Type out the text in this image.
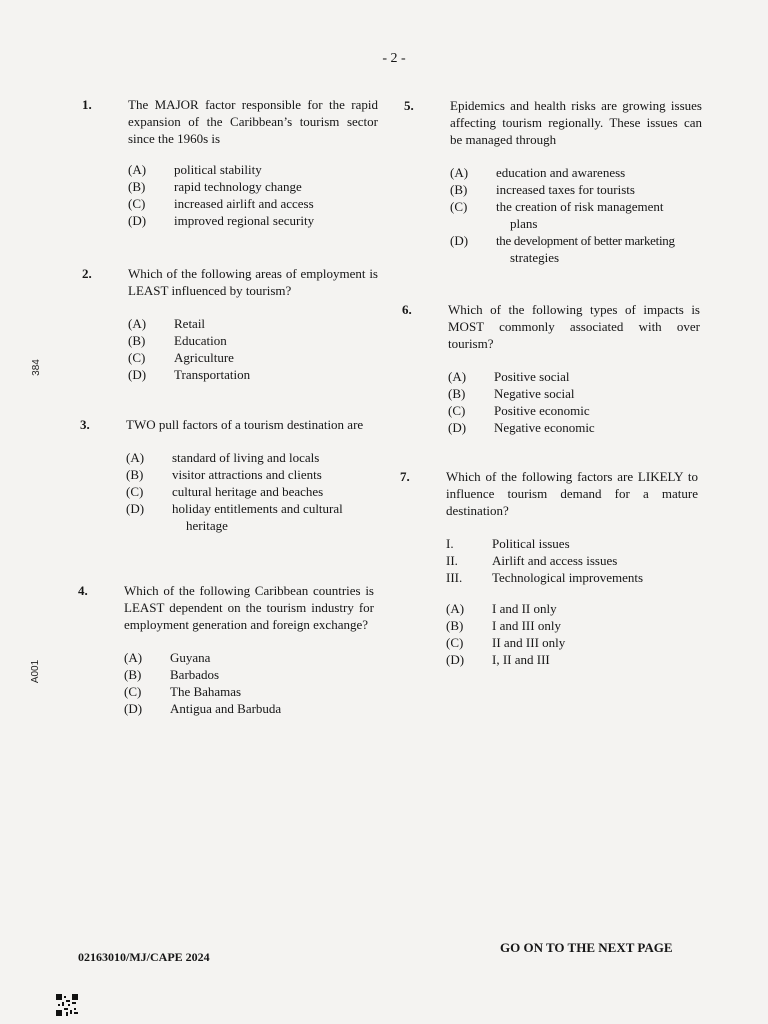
- 2 -
384
A001
1.	The MAJOR factor responsible for the rapid expansion of the Caribbean’s tourism sector since the 1960s is
(A)	political stability
(B)	rapid technology change
(C)	increased airlift and access
(D)	improved regional security
2.	Which of the following areas of employment is LEAST influenced by tourism?
(A)	Retail
(B)	Education
(C)	Agriculture
(D)	Transportation
3.	TWO pull factors of a tourism destination are
(A)	standard of living and locals
(B)	visitor attractions and clients
(C)	cultural heritage and beaches
(D)	holiday entitlements and cultural
heritage
4.	Which of the following Caribbean countries is LEAST dependent on the tourism industry for employment generation and foreign exchange?
(A)	Guyana
(B)	Barbados
(C)	The Bahamas
(D)	Antigua and Barbuda
5.	Epidemics and health risks are growing issues affecting tourism regionally. These issues can be managed through
(A)	education and awareness
(B)	increased taxes for tourists
(C)	the creation of risk management
plans
(D)	the development of better marketing
strategies
6.	Which of the following types of impacts is MOST commonly associated with over tourism?
(A)	Positive social
(B)	Negative social
(C)	Positive economic
(D)	Negative economic
7.	Which of the following factors are LIKELY to influence tourism demand for a mature destination?
I.	Political issues
II.	Airlift and access issues
III.	Technological improvements
(A)	I and II only
(B)	I and III only
(C)	II and III only
(D)	I, II and III
02163010/MJ/CAPE 2024
GO ON TO THE NEXT PAGE
